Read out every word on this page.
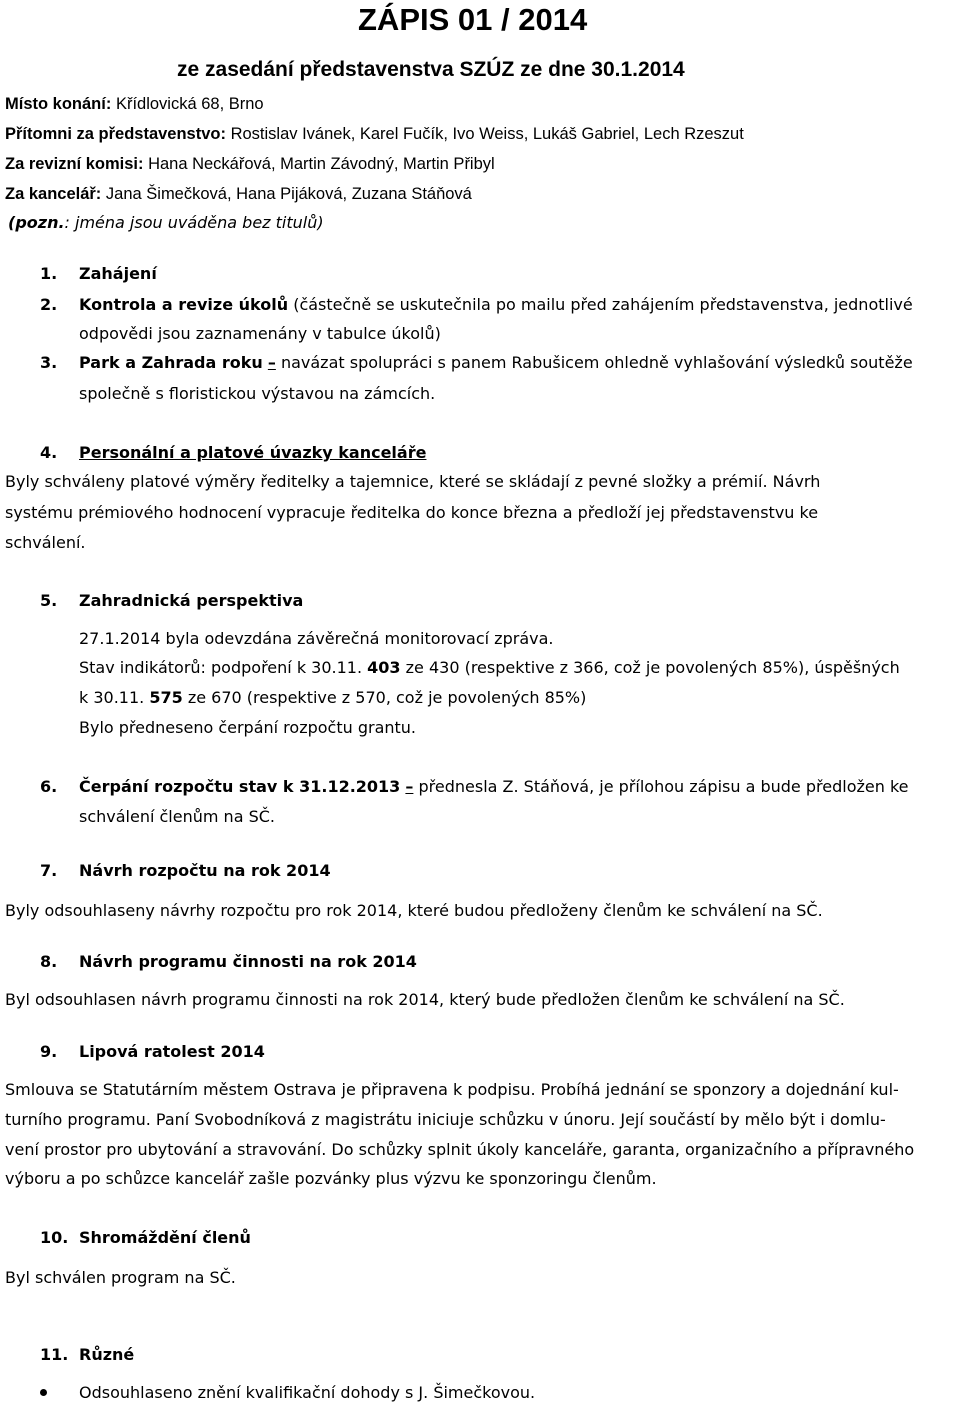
ZÁPIS 01 / 2014
ze zasedání představenstva SZÚZ ze dne 30.1.2014
Místo konání: Křídlovická 68, Brno
Přítomni za představenstvo: Rostislav Ivánek, Karel Fučík, Ivo Weiss, Lukáš Gabriel, Lech Rzeszut
Za revizní komisi: Hana Neckářová, Martin Závodný, Martin Přibyl
Za kancelář: Jana Šimečková, Hana Pijáková, Zuzana Stáňová
(pozn.: jména jsou uváděna bez titulů)
1. Zahájení
2. Kontrola a revize úkolů (částečně se uskutečnila po mailu před zahájením představenstva, jednotlivé
odpovědi jsou zaznamenány v tabulce úkolů)
3. Park a Zahrada roku – navázat spolupráci s panem Rabušicem ohledně vyhlašování výsledků soutěže
společně s floristickou výstavou na zámcích.
4. Personální a platové úvazky kanceláře
Byly schváleny platové výměry ředitelky a tajemnice, které se skládají z pevné složky a prémií. Návrh
systému prémiového hodnocení vypracuje ředitelka do konce března a předloží jej představenstvu ke
schválení.
5. Zahradnická perspektiva
27.1.2014 byla odevzdána závěrečná monitorovací zpráva.
Stav indikátorů: podpoření k 30.11. 403 ze 430 (respektive z 366, což je povolených 85%), úspěšných
k 30.11. 575 ze 670 (respektive z 570, což je povolených 85%)
Bylo předneseno čerpání rozpočtu grantu.
6. Čerpání rozpočtu stav k 31.12.2013 – přednesla Z. Stáňová, je přílohou zápisu a bude předložen ke
schválení členům na SČ.
7. Návrh rozpočtu na rok 2014
Byly odsouhlaseny návrhy rozpočtu pro rok 2014, které budou předloženy členům ke schválení na SČ.
8. Návrh programu činnosti na rok 2014
Byl odsouhlasen návrh programu činnosti na rok 2014, který bude předložen členům ke schválení na SČ.
9. Lipová ratolest 2014
Smlouva se Statutárním městem Ostrava je připravena k podpisu. Probíhá jednání se sponzory a dojednání kul-
turního programu. Paní Svobodníková z magistrátu iniciuje schůzku v únoru. Její součástí by mělo být i domlu-
vení prostor pro ubytování a stravování. Do schůzky splnit úkoly kanceláře, garanta, organizačního a přípravného
výboru a po schůzce kancelář zašle pozvánky plus výzvu ke sponzoringu členům.
10. Shromáždění členů
Byl schválen program na SČ.
11. Různé
Odsouhlaseno znění kvalifikační dohody s J. Šimečkovou.
